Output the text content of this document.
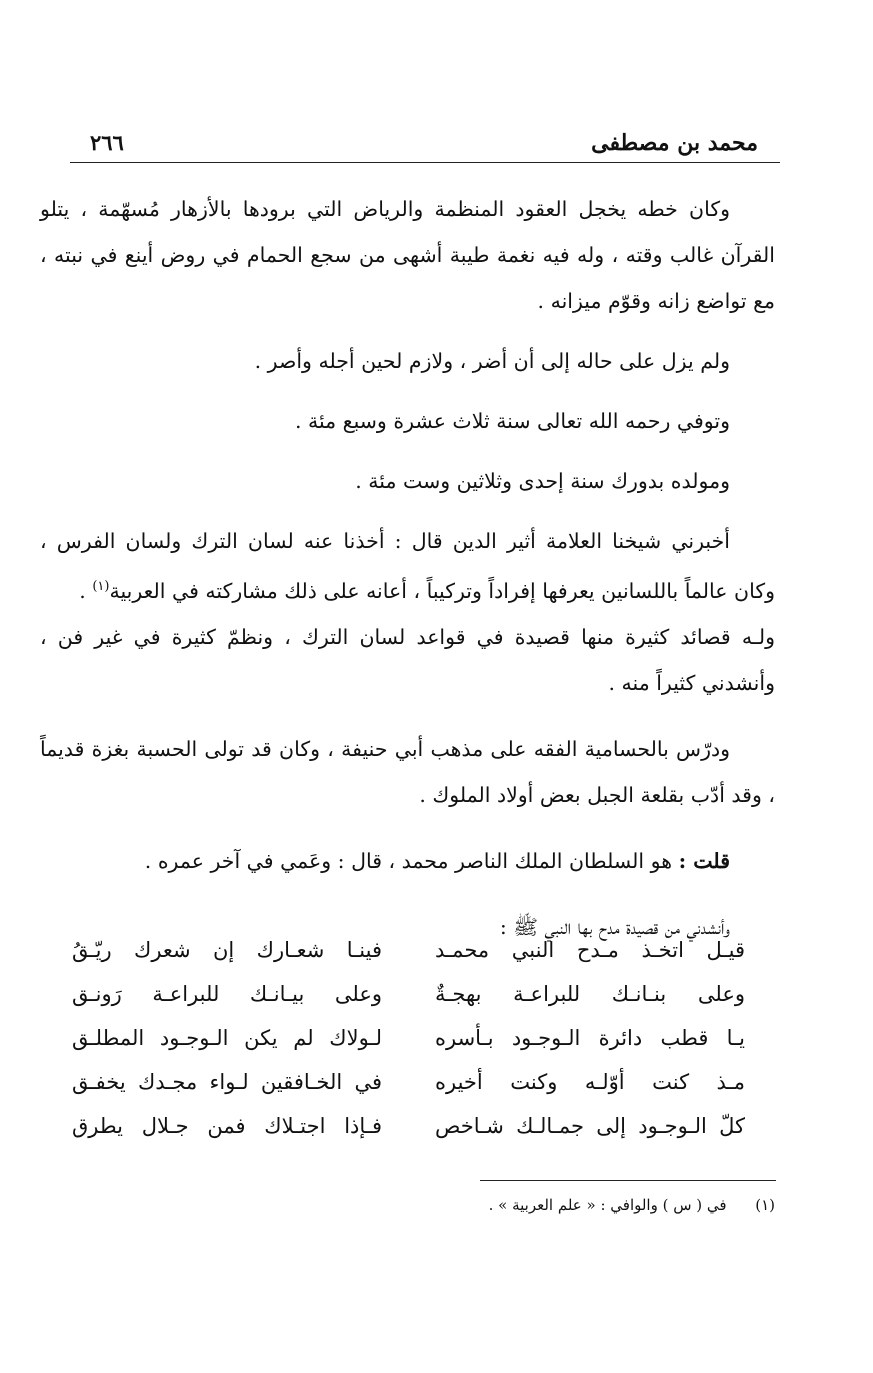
محمد بن مصطفى
٢٦٦

وكان خطه يخجل العقود المنظمة والرياض التي برودها بالأزهار مُسهّمة ، يتلو القرآن غالب وقته ، وله فيه نغمة طيبة أشهى من سجع الحمام في روض أينع في نبته ، مع تواضع زانه وقوّم ميزانه .

ولم يزل على حاله إلى أن أضر ، ولازم لحين أجله وأصر .

وتوفي رحمه الله تعالى سنة ثلاث عشرة وسبع مئة .

ومولده بدورك سنة إحدى وثلاثين وست مئة .

أخبرني شيخنا العلامة أثير الدين قال : أخذنا عنه لسان الترك ولسان الفرس ، وكان عالماً باللسانين يعرفها إفراداً وتركيباً ، أعانه على ذلك مشاركته في العربية$^{(١)}$ .

ولـه قصائد كثيرة منها قصيدة في قواعد لسان الترك ، ونظمّ كثيرة في غير فن ، وأنشدني كثيراً منه .

ودرّس بالحسامية الفقه على مذهب أبي حنيفة ، وكان قد تولى الحسبة بغزة قديماً ، وقد أدّب بقلعة الجبل بعض أولاد الملوك .

قلت : هو السلطان الملك الناصر محمد ، قال : وعَمي في آخر عمره .

وأنشدني من قصيدة مدح بها النبي ﷺ :

قيـل اتخـذ مـدح النبي محمـد
فينـا شعـارك إن شعرك ريّـقُ
وعلى بنـانـك للبراعـة بهجـةٌ
وعلى بيـانـك للبراعـة رَونـق
يـا قطب دائرة الـوجـود بـأسره
لـولاك لم يكن الـوجـود المطلـق
مـذ كنت أوّلـه وكنت أخيره
في الخـافقين لـواء مجـدك يخفـق
كلّ الـوجـود إلى جمـالـك شـاخص
فـإذا اجتـلاك فمن جـلال يطرق
(١)      في ( س ) والوافي : « علم العربية » .
